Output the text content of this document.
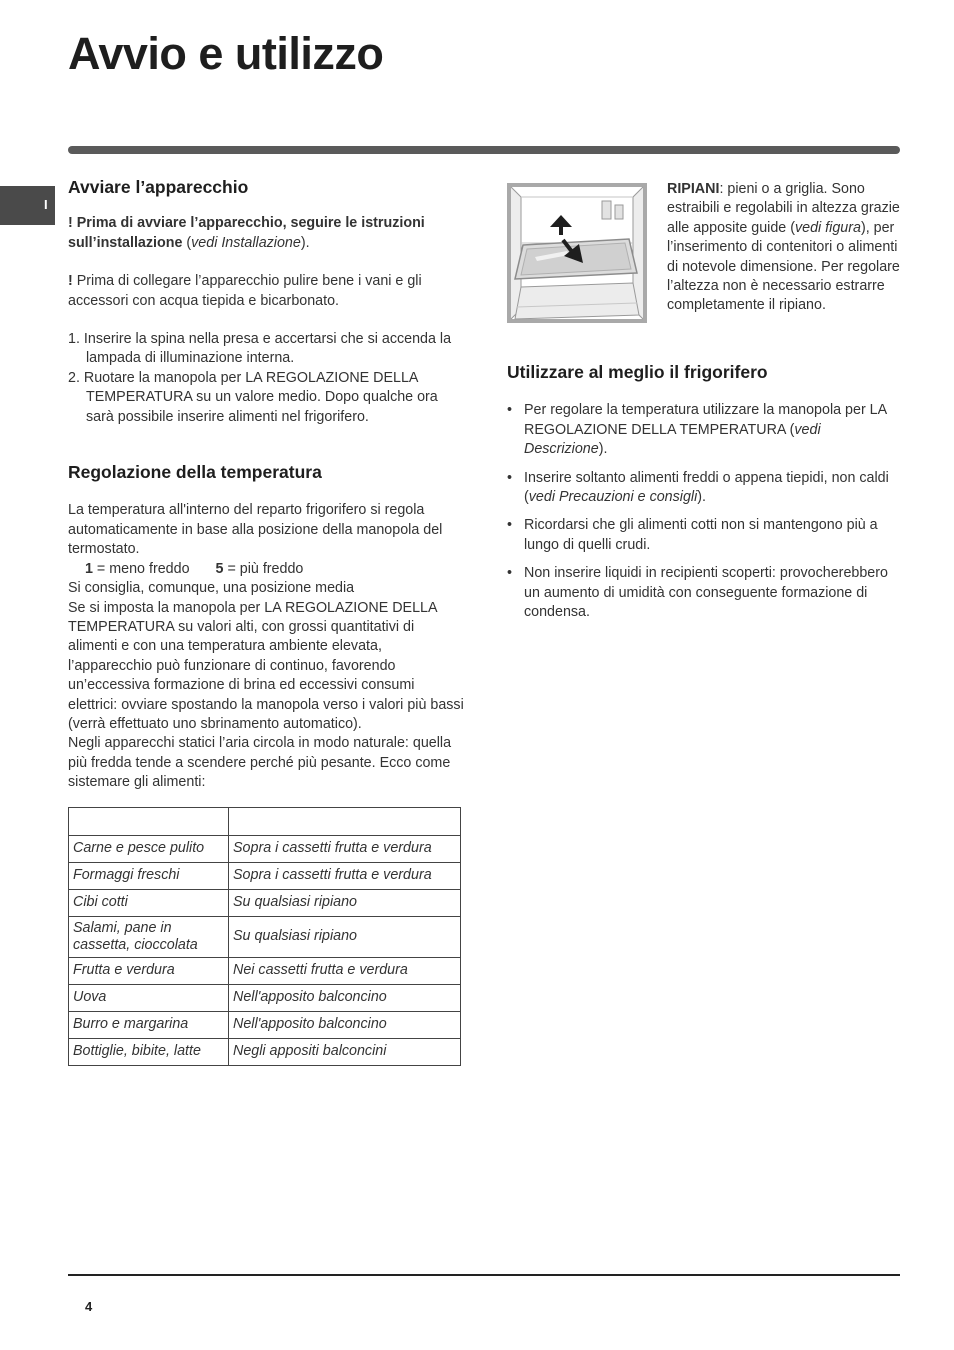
Avvio e utilizzo
I
Avviare l’apparecchio

! Prima di avviare l’apparecchio, seguire le istruzioni sull’installazione (vedi Installazione).

! Prima di collegare l’apparecchio pulire bene i vani e gli accessori con acqua tiepida e bicarbonato.

1. Inserire la spina nella presa e accertarsi che si accenda la lampada di illuminazione interna.
2. Ruotare la manopola per LA REGOLAZIONE DELLA TEMPERATURA su un valore medio. Dopo qualche ora sarà possibile inserire alimenti nel frigorifero.
Regolazione della temperatura

La temperatura all'interno del reparto frigorifero si regola automaticamente in base alla posizione della manopola del termostato.

1 = meno freddo 5 = più freddo

Si consiglia, comunque, una posizione media

Se si imposta la manopola per LA REGOLAZIONE DELLA TEMPERATURA su valori alti, con grossi quantitativi di alimenti e con una temperatura ambiente elevata, l’apparecchio può funzionare di continuo, favorendo un’eccessiva formazione di brina ed eccessivi consumi elettrici: ovviare spostando la manopola verso i valori più bassi (verrà effettuato uno sbrinamento automatico).

Negli apparecchi statici l’aria circola in modo naturale: quella più fredda tende a scendere perché più pesante. Ecco come sistemare gli alimenti:

Carne e pesce pulito	Sopra i cassetti frutta e verdura
Formaggi freschi	Sopra i cassetti frutta e verdura
Cibi cotti	Su qualsiasi ripiano
Salami, pane in cassetta, cioccolata	Su qualsiasi ripiano
Frutta e verdura	Nei cassetti frutta e verdura
Uova	Nell'apposito balconcino
Burro e margarina	Nell'apposito balconcino
Bottiglie, bibite, latte	Negli appositi balconcini

RIPIANI: pieni o a griglia. Sono estraibili e regolabili in altezza grazie alle apposite guide (vedi figura), per l’inserimento di contenitori o alimenti di notevole dimensione. Per regolare l’altezza non è necessario estrarre completamente il ripiano.

Utilizzare al meglio il frigorifero
• Per regolare la temperatura utilizzare la manopola per LA REGOLAZIONE DELLA TEMPERATURA (vedi Descrizione).
• Inserire soltanto alimenti freddi o appena tiepidi, non caldi (vedi Precauzioni e consigli).
• Ricordarsi che gli alimenti cotti non si mantengono più a lungo di quelli crudi.
• Non inserire liquidi in recipienti scoperti: provocherebbero un aumento di umidità con conseguente formazione di condensa.
4
